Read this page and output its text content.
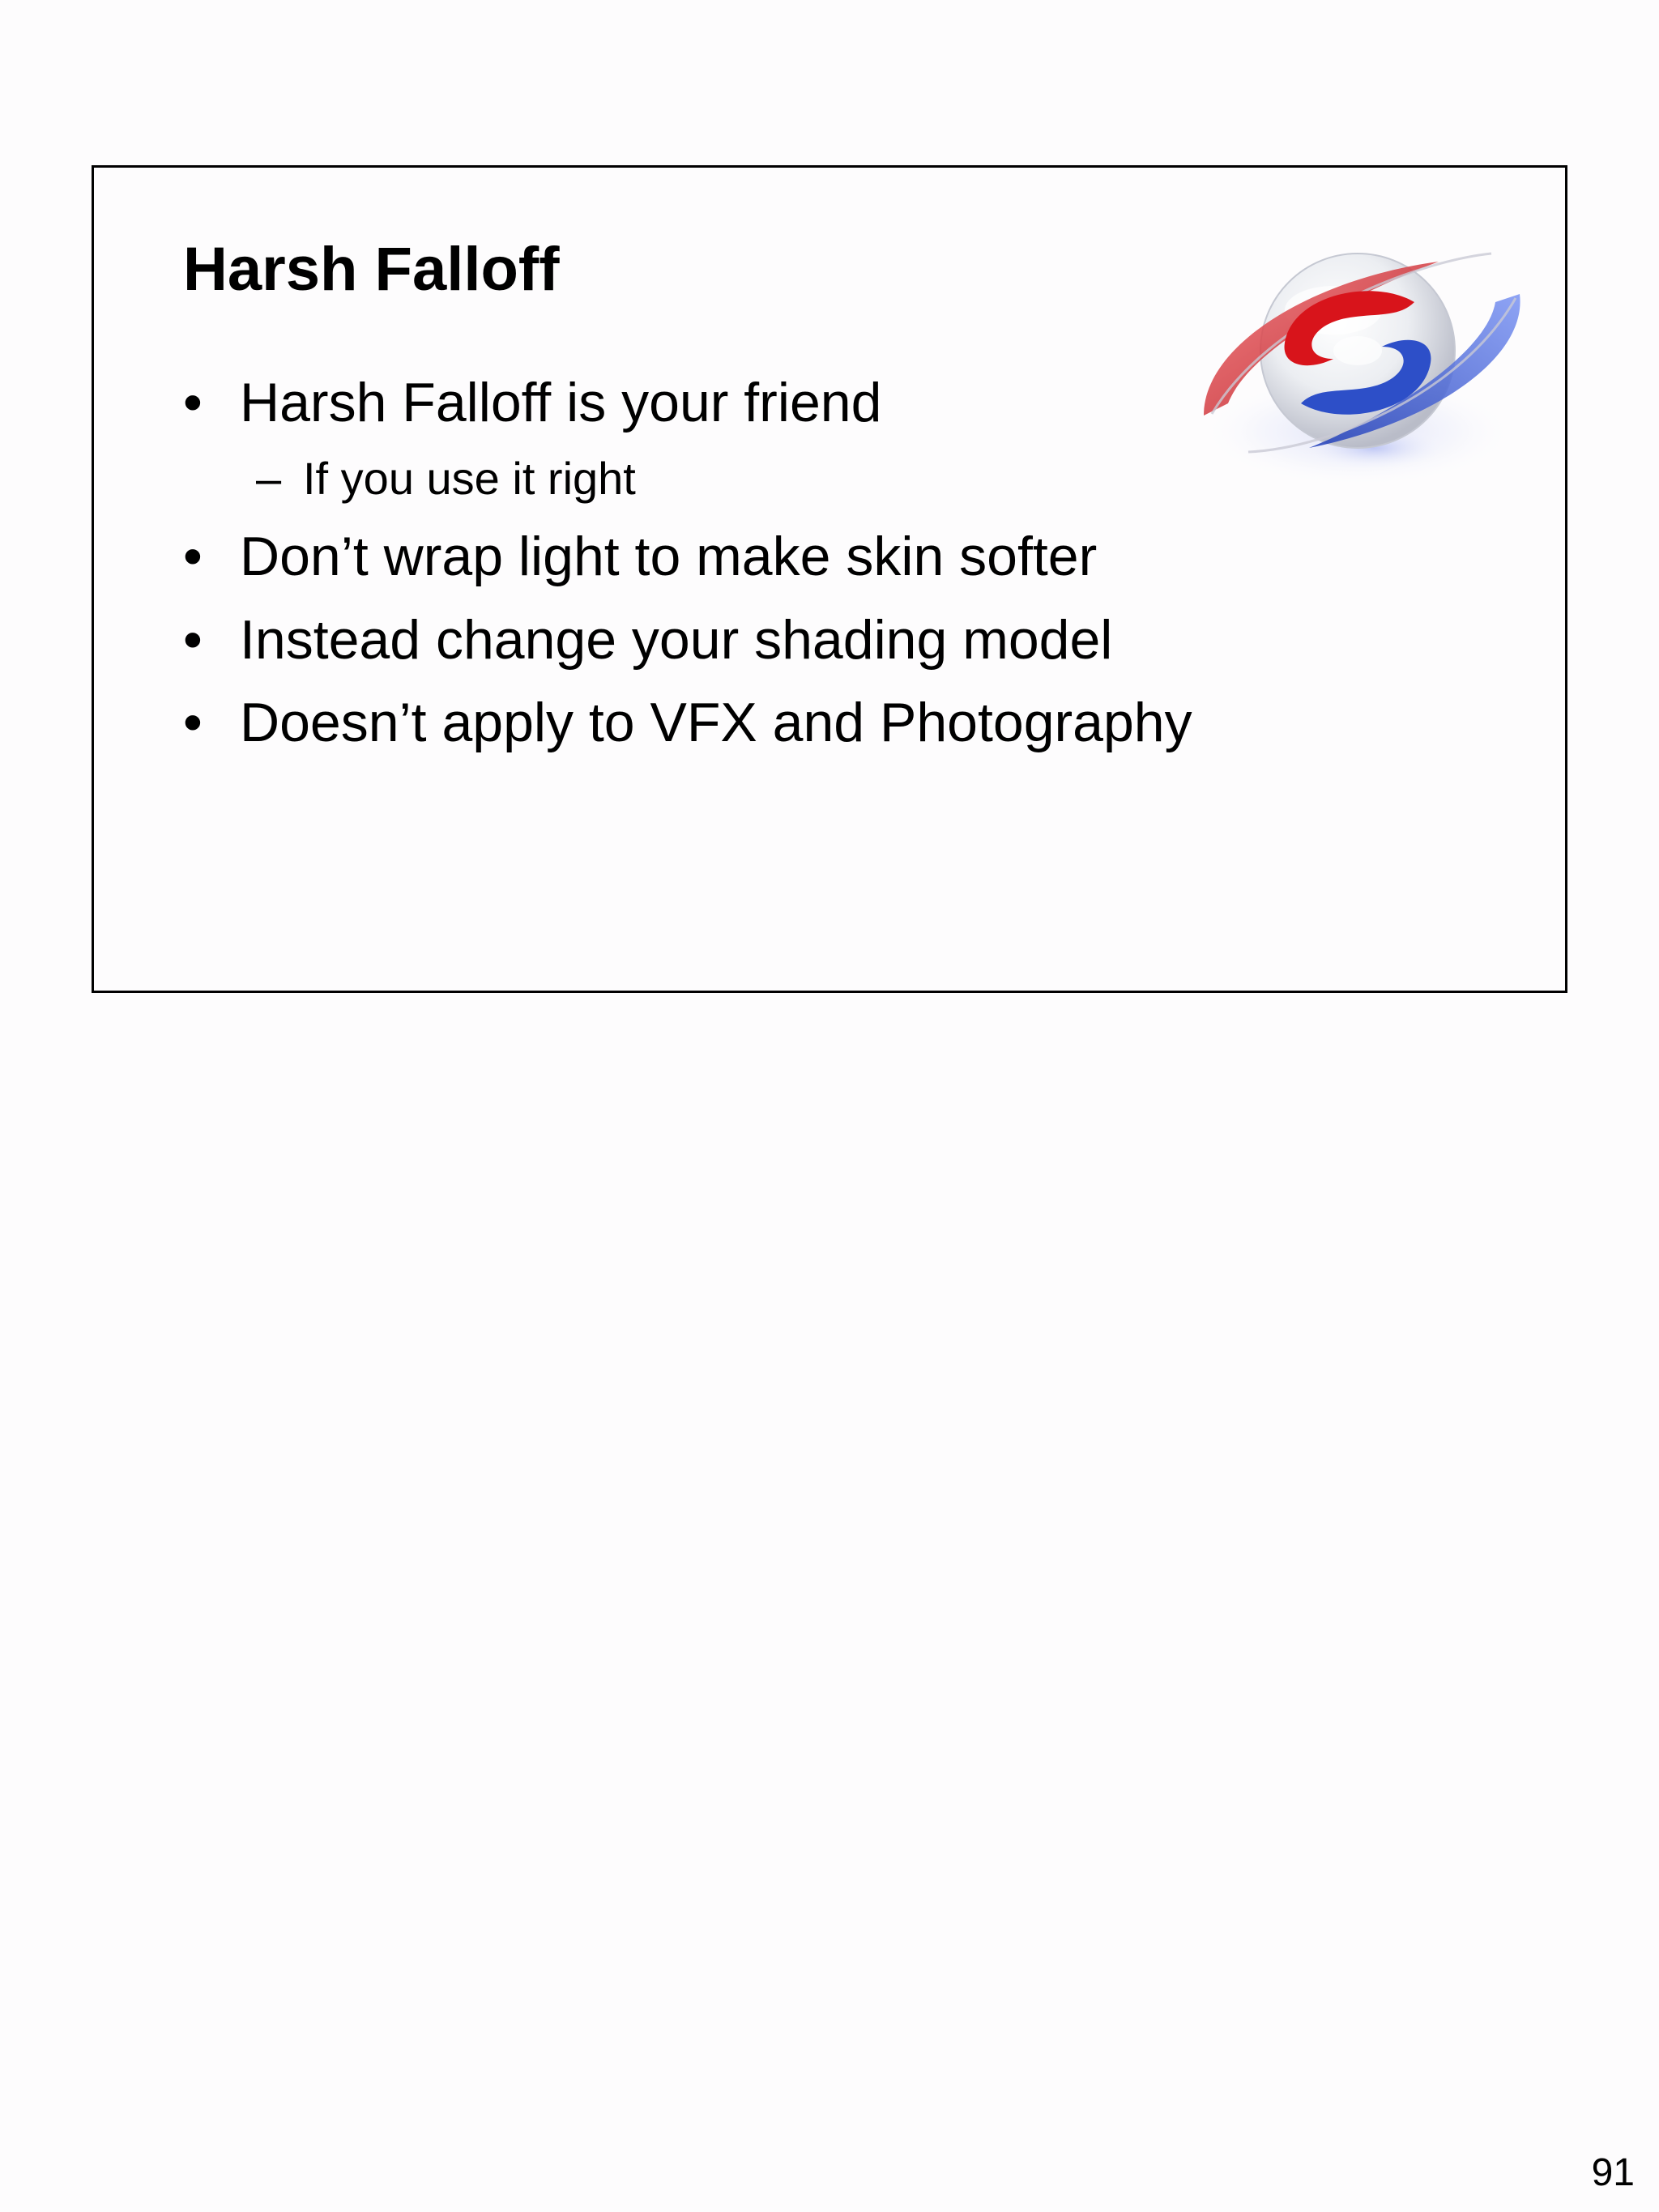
Harsh Falloff
• Harsh Falloff is your friend
– If you use it right
• Don’t wrap light to make skin softer
• Instead change your shading model
• Doesn’t apply to VFX and Photography
91
